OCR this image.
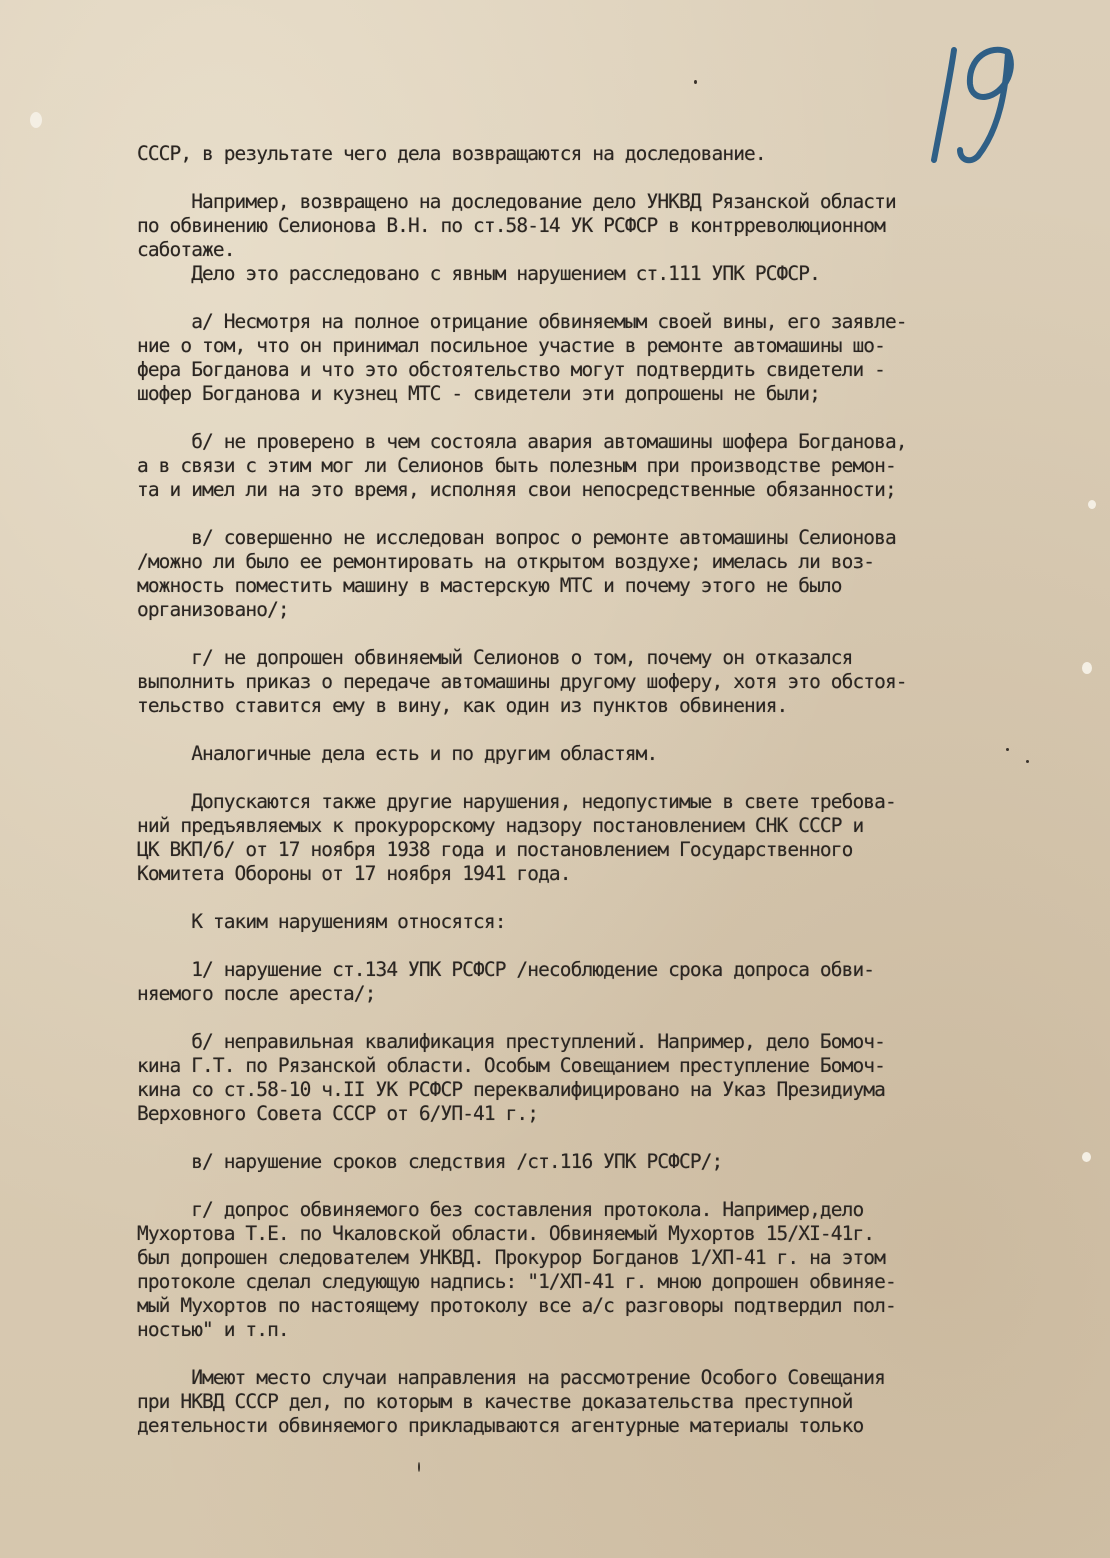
СССР, в результате чего дела возвращаются на доследование.

Например, возвращено на доследование дело УНКВД Рязанской области

по обвинению Селионова В.Н. по ст.58-14 УК РСФСР в контрреволюционном

саботаже.

Дело это расследовано с явным нарушением ст.111 УПК РСФСР.

а/ Несмотря на полное отрицание обвиняемым своей вины, его заявле-

ние о том, что он принимал посильное участие в ремонте автомашины шо-

фера Богданова и что это обстоятельство могут подтвердить свидетели -

шофер Богданова и кузнец МТС - свидетели эти допрошены не были;

б/ не проверено в чем состояла авария автомашины шофера Богданова,

а в связи с этим мог ли Селионов быть полезным при производстве ремон-

та и имел ли на это время, исполняя свои непосредственные обязанности;

в/ совершенно не исследован вопрос о ремонте автомашины Селионова

/можно ли было ее ремонтировать на открытом воздухе; имелась ли воз-

можность поместить машину в мастерскую МТС и почему этого не было

организовано/;

г/ не допрошен обвиняемый Селионов о том, почему он отказался

выполнить приказ о передаче автомашины другому шоферу, хотя это обстоя-

тельство ставится ему в вину, как один из пунктов обвинения.

Аналогичные дела есть и по другим областям.

Допускаются также другие нарушения, недопустимые в свете требова-

ний предъявляемых к прокурорскому надзору постановлением СНК СССР и

ЦК ВКП/б/ от 17 ноября 1938 года и постановлением Государственного

Комитета Обороны от 17 ноября 1941 года.

К таким нарушениям относятся:

1/ нарушение ст.134 УПК РСФСР /несоблюдение срока допроса обви-

няемого после ареста/;

б/ неправильная квалификация преступлений. Например, дело Бомоч-

кина Г.Т. по Рязанской области. Особым Совещанием преступление Бомоч-

кина со ст.58-10 ч.II УК РСФСР переквалифицировано на Указ Президиума

Верховного Совета СССР от 6/УП-41 г.;

в/ нарушение сроков следствия /ст.116 УПК РСФСР/;

г/ допрос обвиняемого без составления протокола. Например,дело

Мухортова Т.Е. по Чкаловской области. Обвиняемый Мухортов 15/XI-41г.

был допрошен следователем УНКВД. Прокурор Богданов 1/ХП-41 г. на этом

протоколе сделал следующую надпись: "1/ХП-41 г. мною допрошен обвиняе-

мый Мухортов по настоящему протоколу все а/с разговоры подтвердил пол-

ностью" и т.п.

Имеют место случаи направления на рассмотрение Особого Совещания

при НКВД СССР дел, по которым в качестве доказательства преступной

деятельности обвиняемого прикладываются агентурные материалы только
